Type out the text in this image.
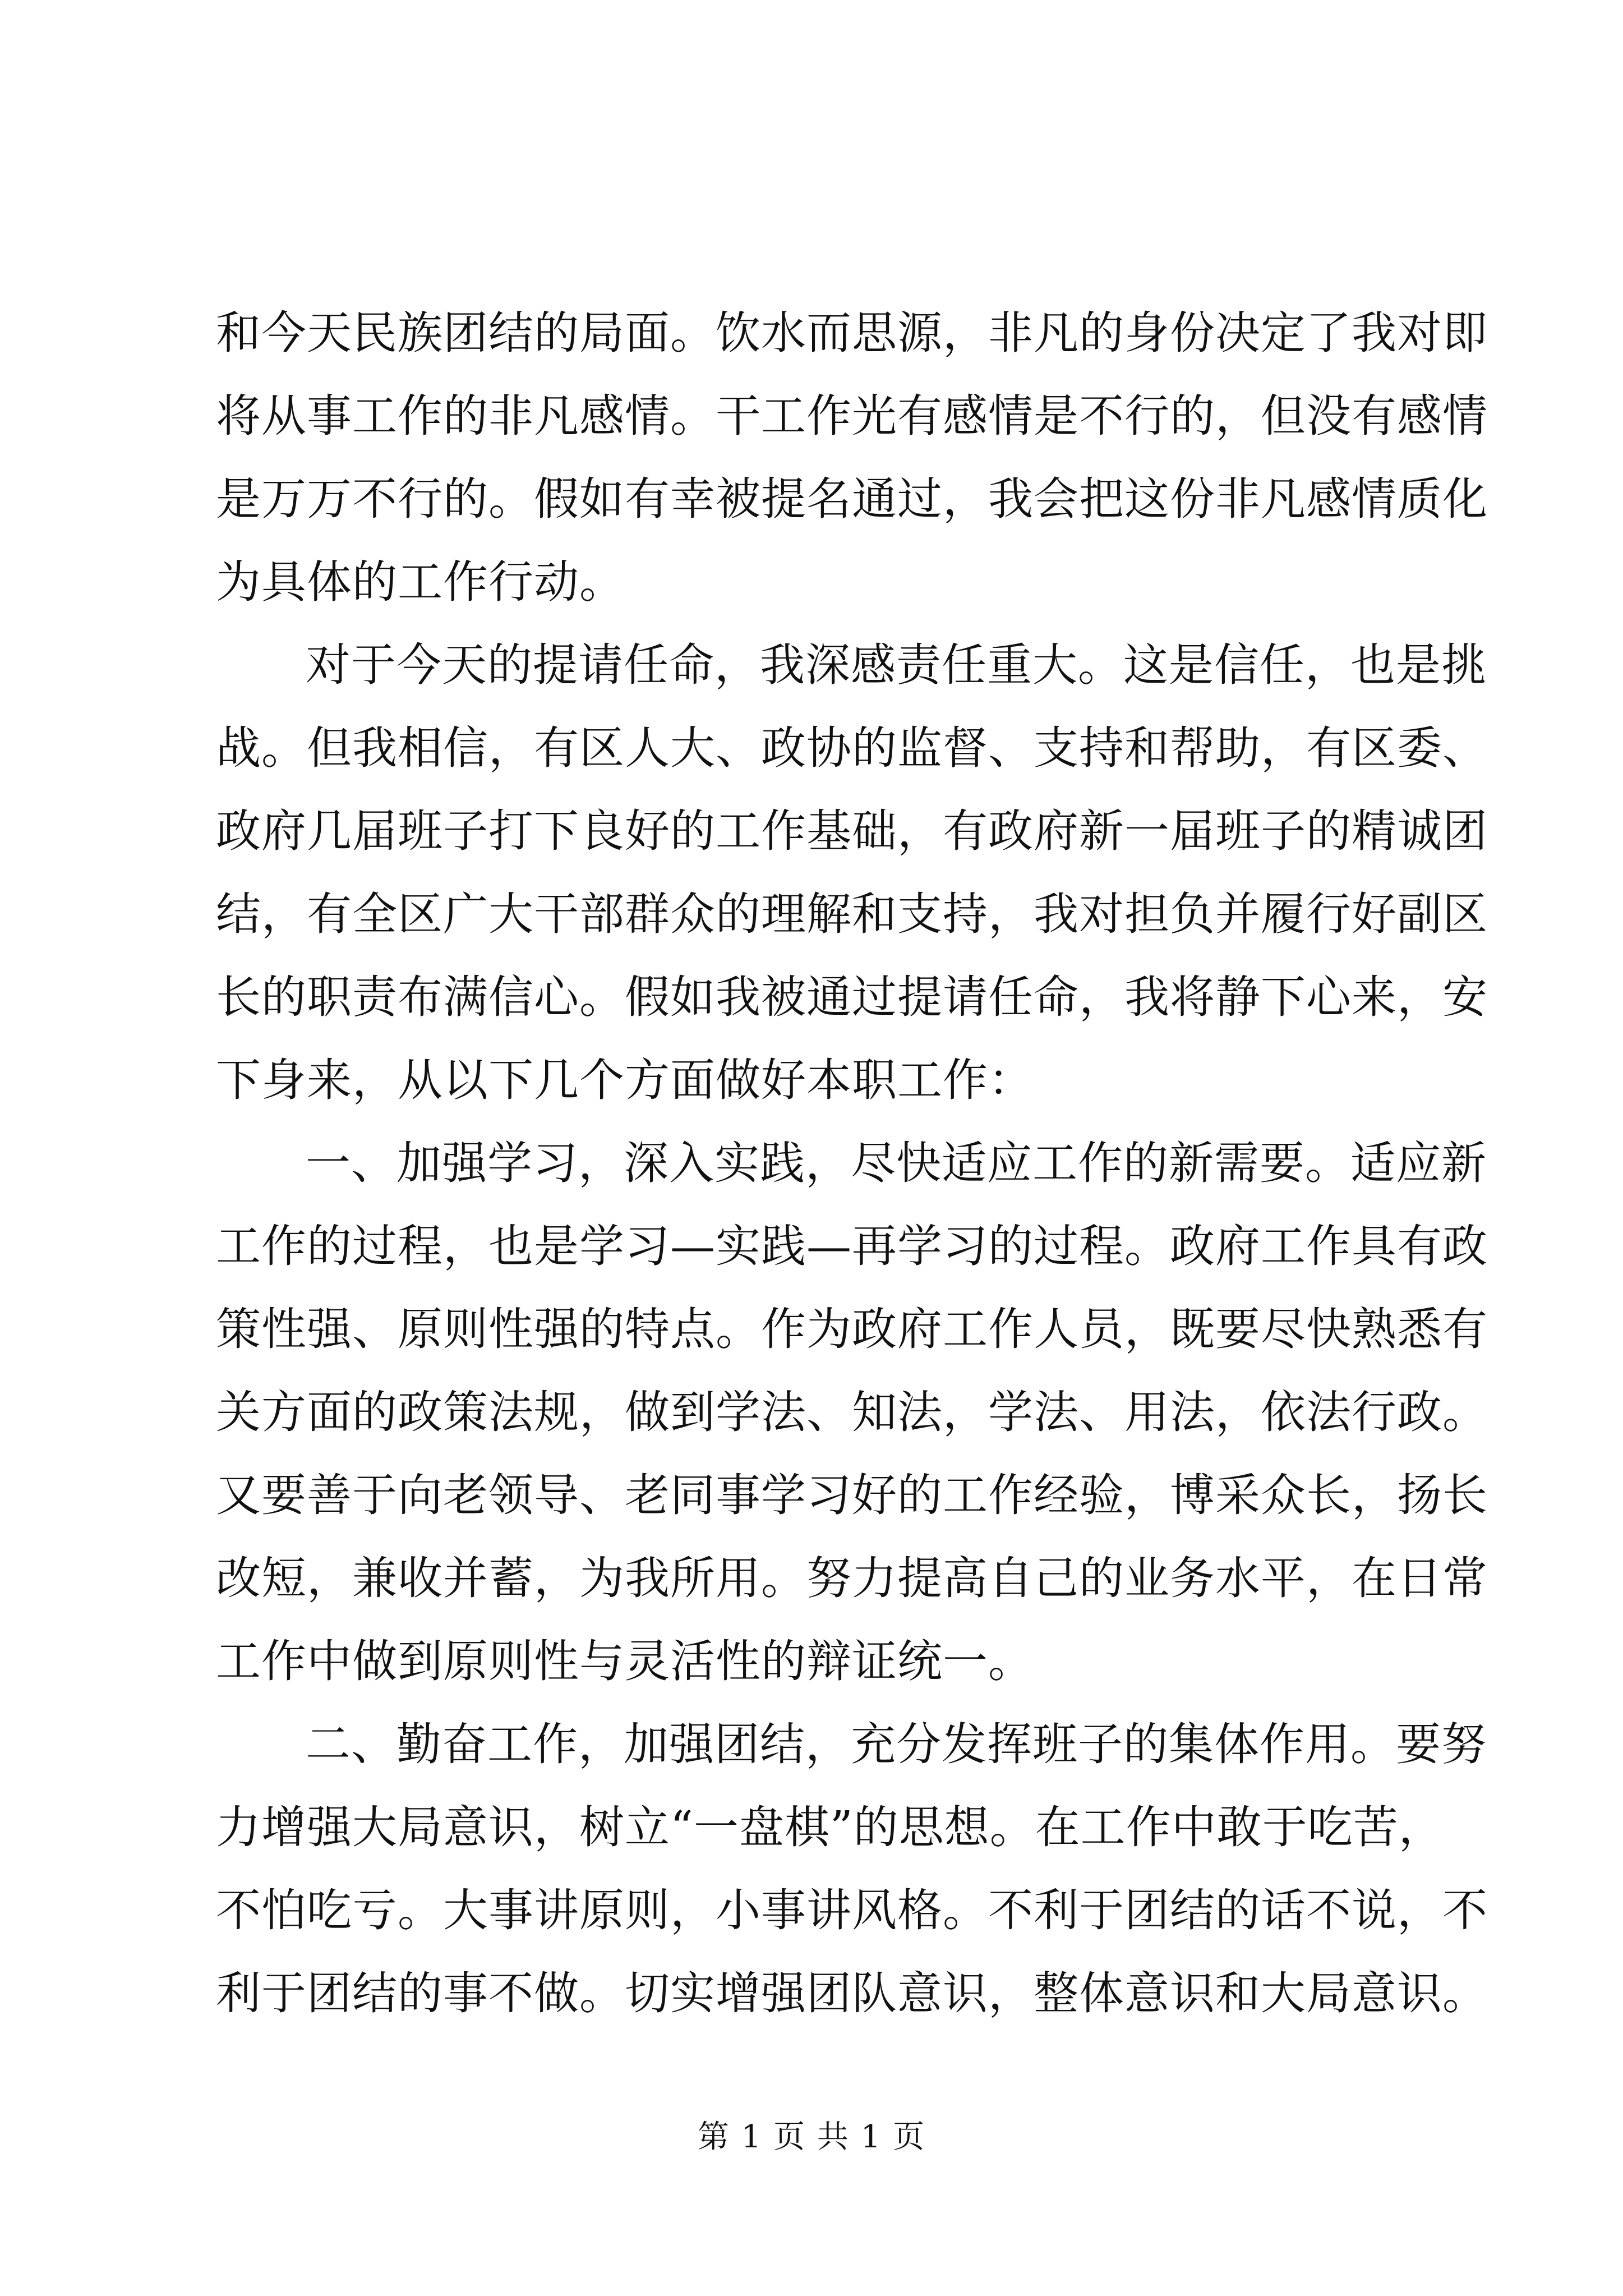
和今天民族团结的局面。饮水而思源，非凡的身份决定了我对即
将从事工作的非凡感情。干工作光有感情是不行的，但没有感情
是万万不行的。假如有幸被提名通过，我会把这份非凡感情质化
为具体的工作行动。
对于今天的提请任命，我深感责任重大。这是信任，也是挑
战。但我相信，有区人大、政协的监督、支持和帮助，有区委、
政府几届班子打下良好的工作基础，有政府新一届班子的精诚团
结，有全区广大干部群众的理解和支持，我对担负并履行好副区
长的职责布满信心。假如我被通过提请任命，我将静下心来，安
下身来，从以下几个方面做好本职工作：
一、加强学习，深入实践，尽快适应工作的新需要。适应新
工作的过程，也是学习—实践—再学习的过程。政府工作具有政
策性强、原则性强的特点。作为政府工作人员，既要尽快熟悉有
关方面的政策法规，做到学法、知法，学法、用法，依法行政。
又要善于向老领导、老同事学习好的工作经验，博采众长，扬长
改短，兼收并蓄，为我所用。努力提高自己的业务水平，在日常
工作中做到原则性与灵活性的辩证统一。
二、勤奋工作，加强团结，充分发挥班子的集体作用。要努
力增强大局意识，树立“一盘棋”的思想。在工作中敢于吃苦，
不怕吃亏。大事讲原则，小事讲风格。不利于团结的话不说，不
利于团结的事不做。切实增强团队意识，整体意识和大局意识。
第 1 页 共 1 页
